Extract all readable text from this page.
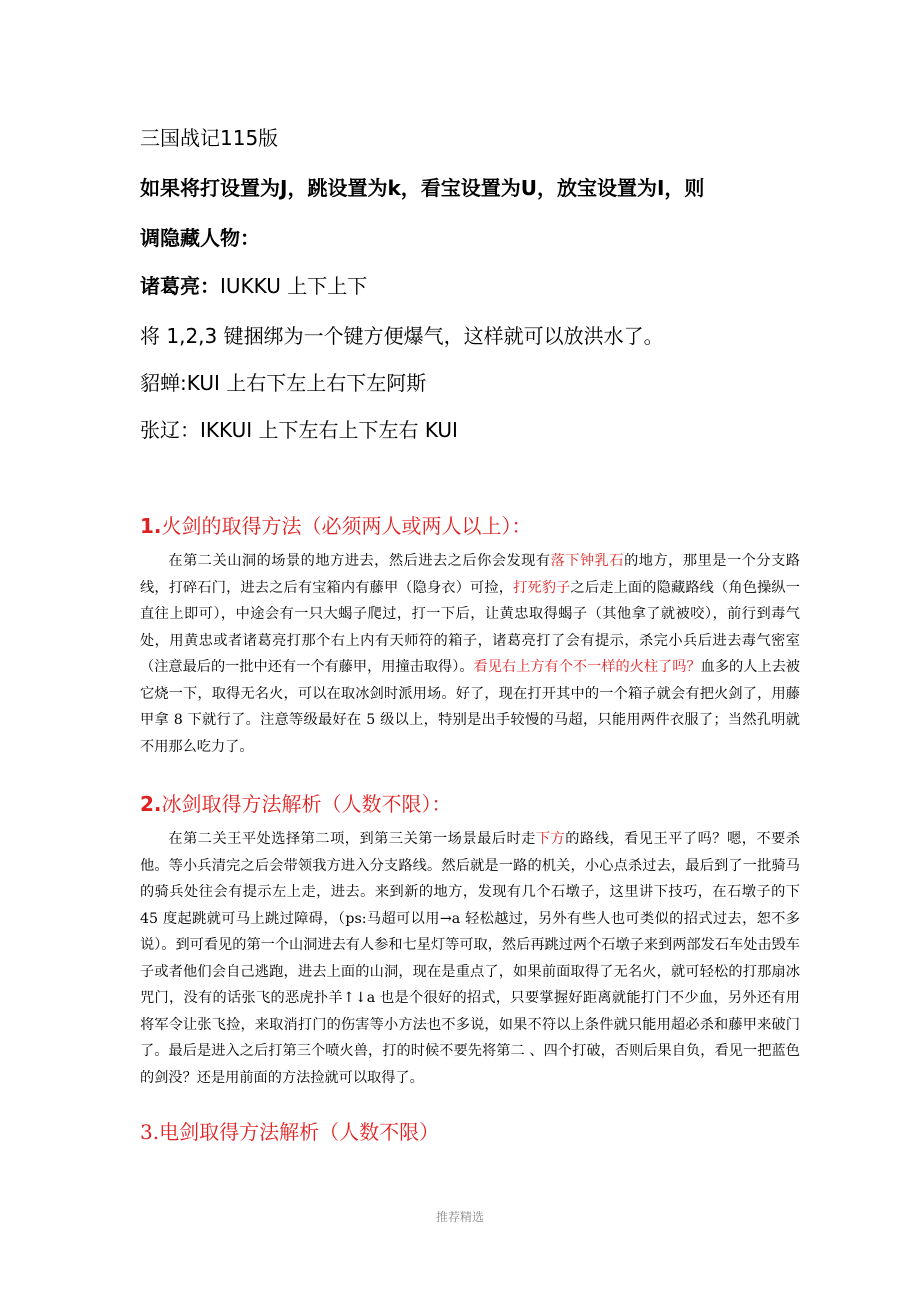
三国战记115版
如果将打设置为J，跳设置为k，看宝设置为U，放宝设置为I，则
调隐藏人物：
诸葛亮：IUKKU 上下上下
将 1,2,3 键捆绑为一个键方便爆气，这样就可以放洪水了。
貂蝉:KUI 上右下左上右下左阿斯
张辽：IKKUI 上下左右上下左右 KUI
1.火剑的取得方法（必须两人或两人以上）：

在第二关山洞的场景的地方进去，然后进去之后你会发现有落下钟乳石的地方，那里是一个分支路线，打碎石门，进去之后有宝箱内有藤甲（隐身衣）可捡，打死豹子之后走上面的隐藏路线（角色操纵一直往上即可），中途会有一只大蝎子爬过，打一下后，让黄忠取得蝎子（其他拿了就被咬），前行到毒气处，用黄忠或者诸葛亮打那个右上内有天师符的箱子，诸葛亮打了会有提示，杀完小兵后进去毒气密室（注意最后的一批中还有一个有藤甲，用撞击取得）。看见右上方有个不一样的火柱了吗？血多的人上去被它烧一下，取得无名火，可以在取冰剑时派用场。好了，现在打开其中的一个箱子就会有把火剑了，用藤甲拿 8 下就行了。注意等级最好在 5 级以上，特别是出手较慢的马超，只能用两件衣服了；当然孔明就不用那么吃力了。

2.冰剑取得方法解析（人数不限）：

在第二关王平处选择第二项，到第三关第一场景最后时走下方的路线，看见王平了吗？嗯，不要杀他。等小兵清完之后会带领我方进入分支路线。然后就是一路的机关，小心点杀过去，最后到了一批骑马的骑兵处往会有提示左上走，进去。来到新的地方，发现有几个石墩子，这里讲下技巧，在石墩子的下 45 度起跳就可马上跳过障碍，（ps:马超可以用→a 轻松越过，另外有些人也可类似的招式过去，恕不多说）。到可看见的第一个山洞进去有人参和七星灯等可取，然后再跳过两个石墩子来到两部发石车处击毁车子或者他们会自己逃跑，进去上面的山洞，现在是重点了，如果前面取得了无名火，就可轻松的打那扇冰咒门，没有的话张飞的恶虎扑羊↑↓a 也是个很好的招式，只要掌握好距离就能打门不少血，另外还有用将军令让张飞捡，来取消打门的伤害等小方法也不多说，如果不符以上条件就只能用超必杀和藤甲来破门了。最后是进入之后打第三个喷火兽，打的时候不要先将第二 、四个打破，否则后果自负，看见一把蓝色的剑没？还是用前面的方法捡就可以取得了。

3.电剑取得方法解析（人数不限）
推荐精选
